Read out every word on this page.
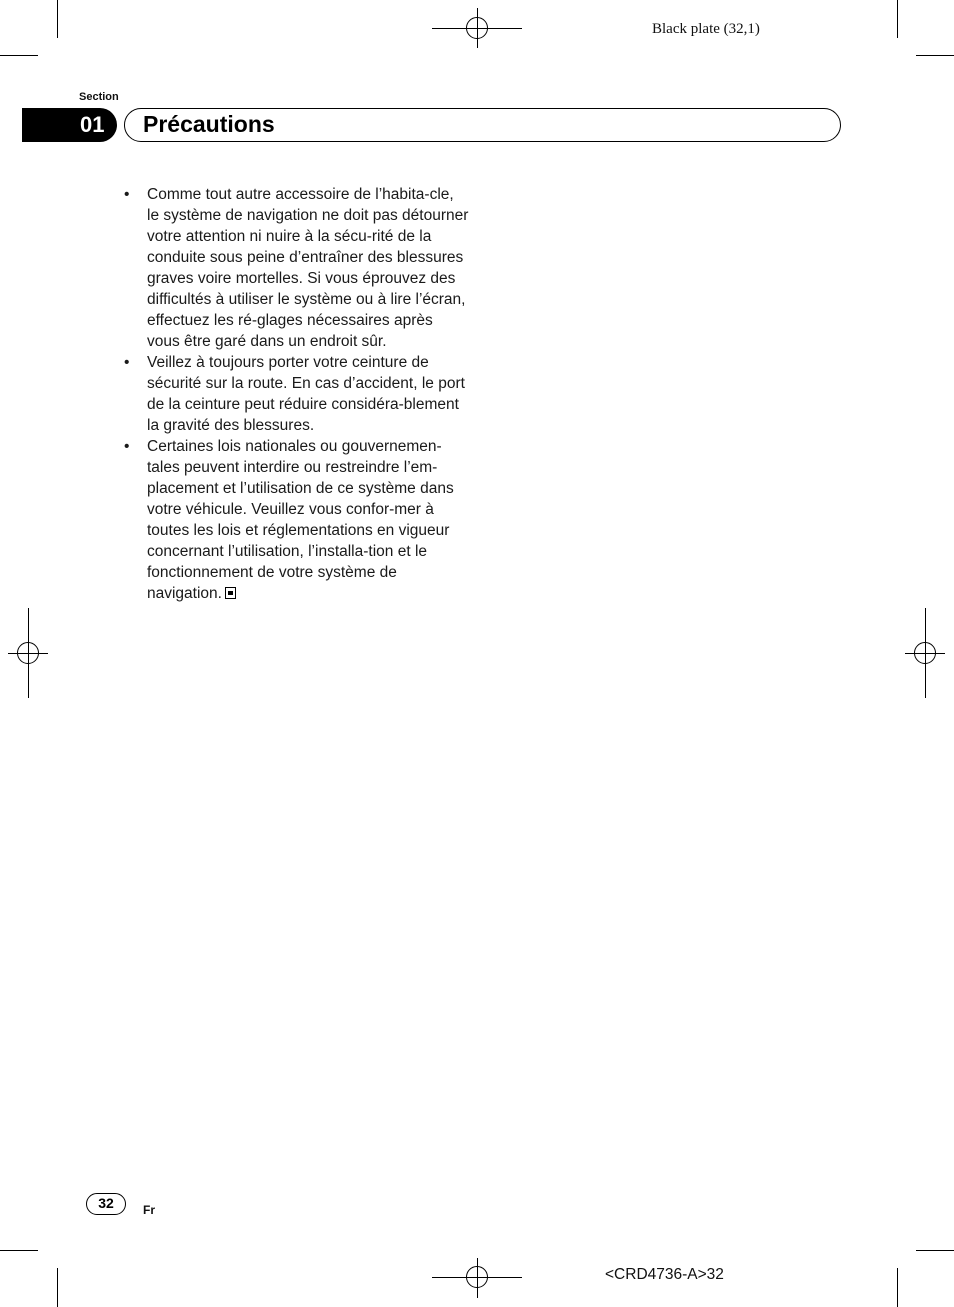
Black plate (32,1)
Section
01	Précautions
• Comme tout autre accessoire de l’habita-cle, le système de navigation ne doit pas détourner votre attention ni nuire à la sécu-rité de la conduite sous peine d’entraîner des blessures graves voire mortelles. Si vous éprouvez des difficultés à utiliser le système ou à lire l’écran, effectuez les ré-glages nécessaires après vous être garé dans un endroit sûr.
• Veillez à toujours porter votre ceinture de sécurité sur la route. En cas d’accident, le port de la ceinture peut réduire considéra-blement la gravité des blessures.
• Certaines lois nationales ou gouvernemen-tales peuvent interdire ou restreindre l’em-placement et l’utilisation de ce système dans votre véhicule. Veuillez vous confor-mer à toutes les lois et réglementations en vigueur concernant l’utilisation, l’installa-tion et le fonctionnement de votre système de navigation.
32	Fr
<CRD4736-A>32
